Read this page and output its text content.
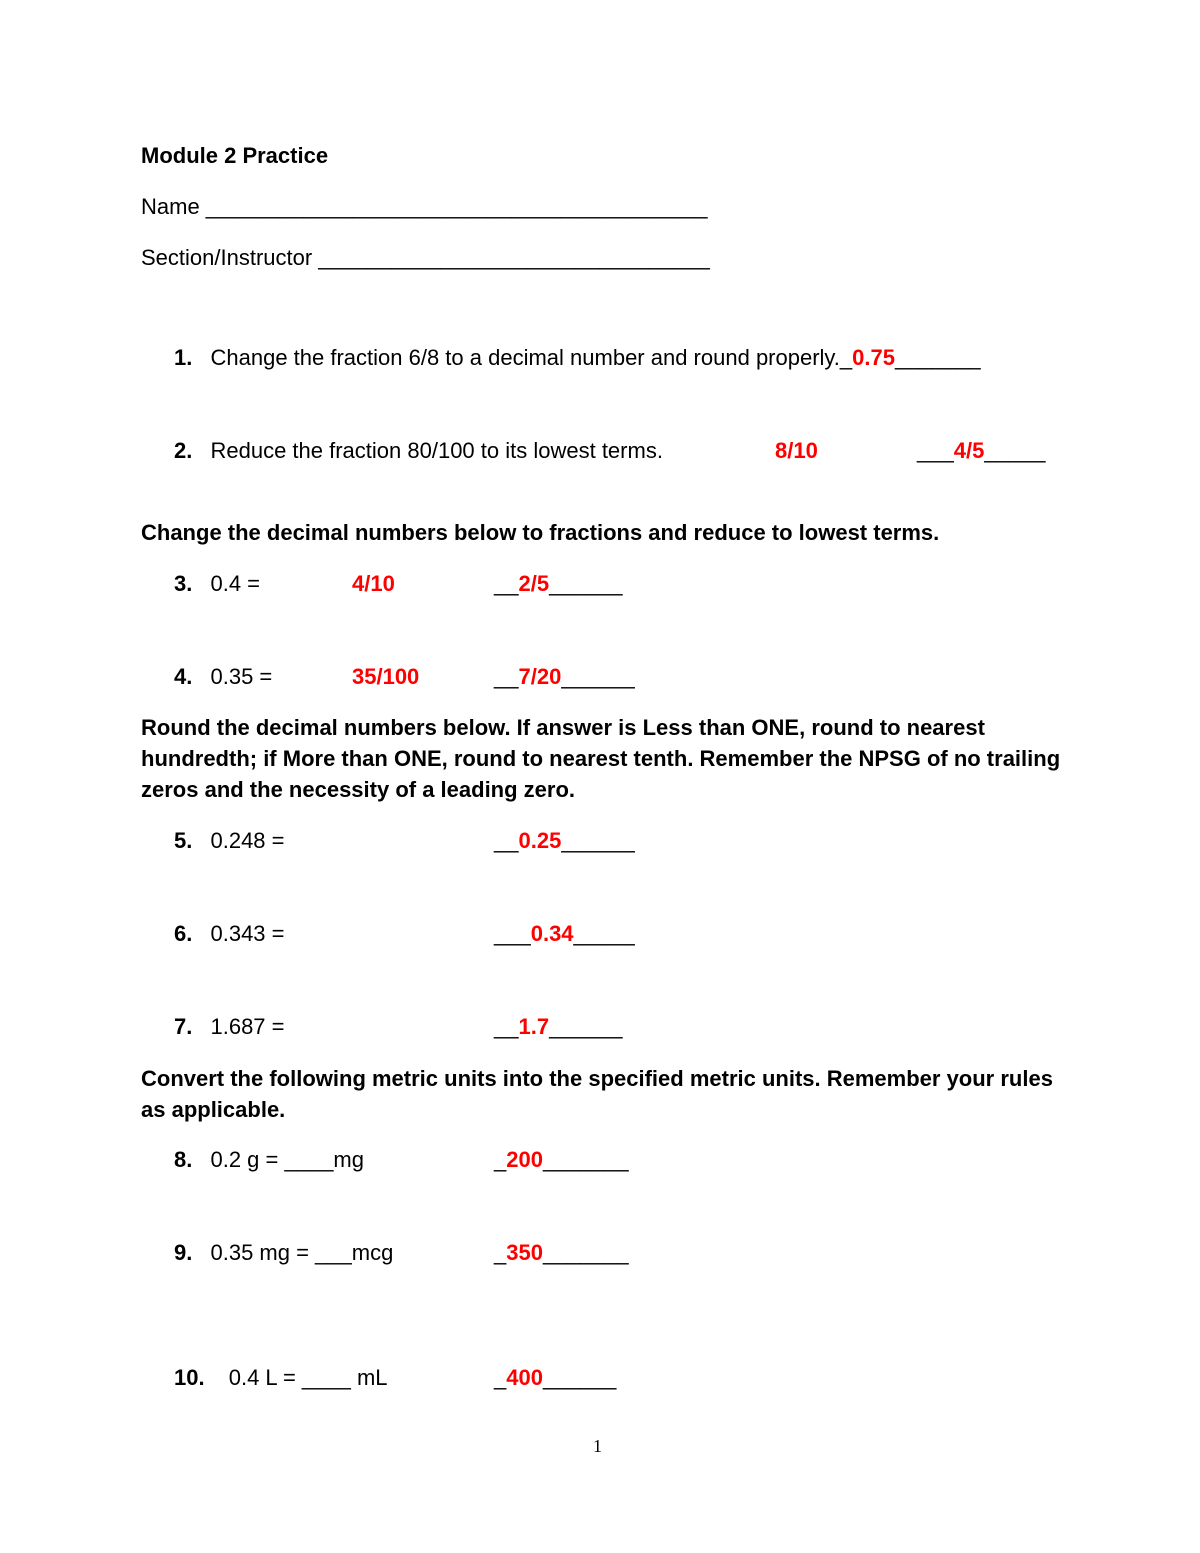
Module 2 Practice
Name _________________________________________
Section/Instructor ________________________________
1. Change the fraction 6/8 to a decimal number and round properly._0.75_______
2. Reduce the fraction 80/100 to its lowest terms.	8/10	___4/5_____
Change the decimal numbers below to fractions and reduce to lowest terms.
3. 0.4 =	4/10	__2/5______
4. 0.35 =	35/100	__7/20______
Round the decimal numbers below. If answer is Less than ONE, round to nearest hundredth; if More than ONE, round to nearest tenth. Remember the NPSG of no trailing zeros and the necessity of a leading zero.
5. 0.248 =	__0.25______
6. 0.343 =	___0.34_____
7. 1.687 =	__1.7______
Convert the following metric units into the specified metric units. Remember your rules as applicable.
8. 0.2 g = ____mg	_200_______
9. 0.35 mg = ___mcg	_350_______
10. 0.4 L = ____ mL	_400______
1
